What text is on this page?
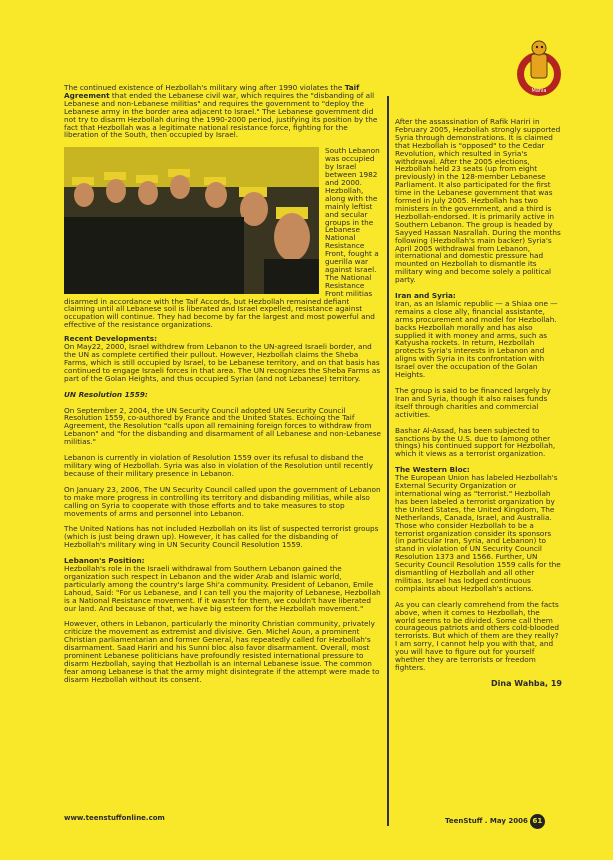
Mania

The continued existence of Hezbollah's military wing after 1990 violates the Taif Agreement that ended the Lebanese civil war, which requires the "disbanding of all Lebanese and non-Lebanese militias" and requires the government to "deploy the Lebanese army in the border area adjacent to Israel." The Lebanese government did not try to disarm Hezbollah during the 1990-2000 period, justifying its position by the fact that Hezbollah was a legitimate national resistance force, fighting for the liberation of the South, then occupied by Israel.

South Lebanon was occupied by Israel between 1982 and 2000. Hezbollah, along with the mainly leftist and secular groups in the Lebanese National Resistance Front, fought a guerilla war against Israel. The National Resistance Front militias disarmed in accordance with the Taif Accords, but Hezbollah remained defiant claiming until all Lebanese soil is liberated and Israel expelled, resistance against occupation will continue. They had become by far the largest and most powerful and effective of the resistance organizations.

Recent Developments:

On May22, 2000, Israel withdrew from Lebanon to the UN-agreed Israeli border, and the UN as complete certified their pullout. However, Hezbollah claims the Sheba Farms, which is still occupied by Israel, to be Lebanese territory, and on that basis has continued to engage Israeli forces in that area. The UN recognizes the Sheba Farms as part of the Golan Heights, and thus occupied Syrian (and not Lebanese) territory.

UN Resolution 1559:

On September 2, 2004, the UN Security Council adopted UN Security Council Resolution 1559, co-authored by France and the United States. Echoing the Taif Agreement, the Resolution "calls upon all remaining foreign forces to withdraw from Lebanon" and "for the disbanding and disarmament of all Lebanese and non-Lebanese militias."

Lebanon is currently in violation of Resolution 1559 over its refusal to disband the military wing of Hezbollah. Syria was also in violation of the Resolution until recently because of their military presence in Lebanon.

On January 23, 2006, The UN Security Council called upon the government of Lebanon to make more progress in controlling its territory and disbanding militias, while also calling on Syria to cooperate with those efforts and to take measures to stop movements of arms and personnel into Lebanon.

The United Nations has not included Hezbollah on its list of suspected terrorist groups (which is just being drawn up). However, it has called for the disbanding of Hezbollah's military wing in UN Security Council Resolution 1559.

Lebanon's Position:

Hezbollah's role in the Israeli withdrawal from Southern Lebanon gained the organization such respect in Lebanon and the wider Arab and Islamic world, particularly among the country's large Shi'a community. President of Lebanon, Emile Lahoud, Said: "For us Lebanese, and I can tell you the majority of Lebanese, Hezbollah is a National Resistance movement. If it wasn't for them, we couldn't have liberated our land. And because of that, we have big esteem for the Hezbollah movement."

However, others in Lebanon, particularly the minority Christian community, privately criticize the movement as extremist and divisive. Gen. Michel Aoun, a prominent Christian parliamentarian and former General, has repeatedly called for Hezbollah's disarmament. Saad Hariri and his Sunni bloc also favor disarmament. Overall, most prominent Lebanese politicians have profoundly resisted international pressure to disarm Hezbollah, saying that Hezbollah is an internal Lebanese issue. The common fear among Lebanese is that the army might disintegrate if the attempt were made to disarm Hezbollah without its consent.

After the assassination of Rafik Hariri in February 2005, Hezbollah strongly supported Syria through demonstrations. It is claimed that Hezbollah is "opposed" to the Cedar Revolution, which resulted in Syria's withdrawal. After the 2005 elections, Hezbollah held 23 seats (up from eight previously) in the 128-member Lebanese Parliament. It also participated for the first time in the Lebanese government that was formed in July 2005. Hezbollah has two ministers in the government, and a third is Hezbollah-endorsed. It is primarily active in Southern Lebanon. The group is headed by Sayyed Hassan Nasrallah. During the months following (Hezbollah's main backer) Syria's April 2005 withdrawal from Lebanon, international and domestic pressure had mounted on Hezbollah to dismantle its military wing and become solely a political party.

Iran and Syria:

Iran, as an Islamic republic — a Shiaa one — remains a close ally, financial assistante, arms procurement and model for Hezbollah. backs Hezbollah morally and has also supplied it with money and arms, such as Katyusha rockets. In return, Hezbollah protects Syria's interests in Lebanon and aligns with Syria in its confrontation with Israel over the occupation of the Golan Heights.

The group is said to be financed largely by Iran and Syria, though it also raises funds itself through charities and commercial activities.

Bashar Al-Assad, has been subjected to sanctions by the U.S. due to (among other things) his continued support for Hezbollah, which it views as a terrorist organization.

The Western Bloc:

The European Union has labeled Hezbollah's External Security Organization or international wing as "terrorist." Hezbollah has been labeled a terrorist organization by the United States, the United Kingdom, The Netherlands, Canada, Israel, and Australia. Those who consider Hezbollah to be a terrorist organization consider its sponsors (in particular Iran, Syria, and Lebanon) to stand in violation of UN Security Council Resolution 1373 and 1566. Further, UN Security Council Resolution 1559 calls for the dismantling of Hezbollah and all other militias. Israel has lodged continuous complaints about Hezbollah's actions.

As you can clearly comrehend from the facts above, when it comes to Hezbollah, the world seems to be divided. Some call them courageous patriots and others cold-blooded terrorists. But which of them are they really? I am sorry, I cannot help you with that, and you will have to figure out for yourself whether they are terrorists or freedom fighters.

Dina Wahba, 19

www.teenstuffonline.com	TeenStuff . May 2006 61
